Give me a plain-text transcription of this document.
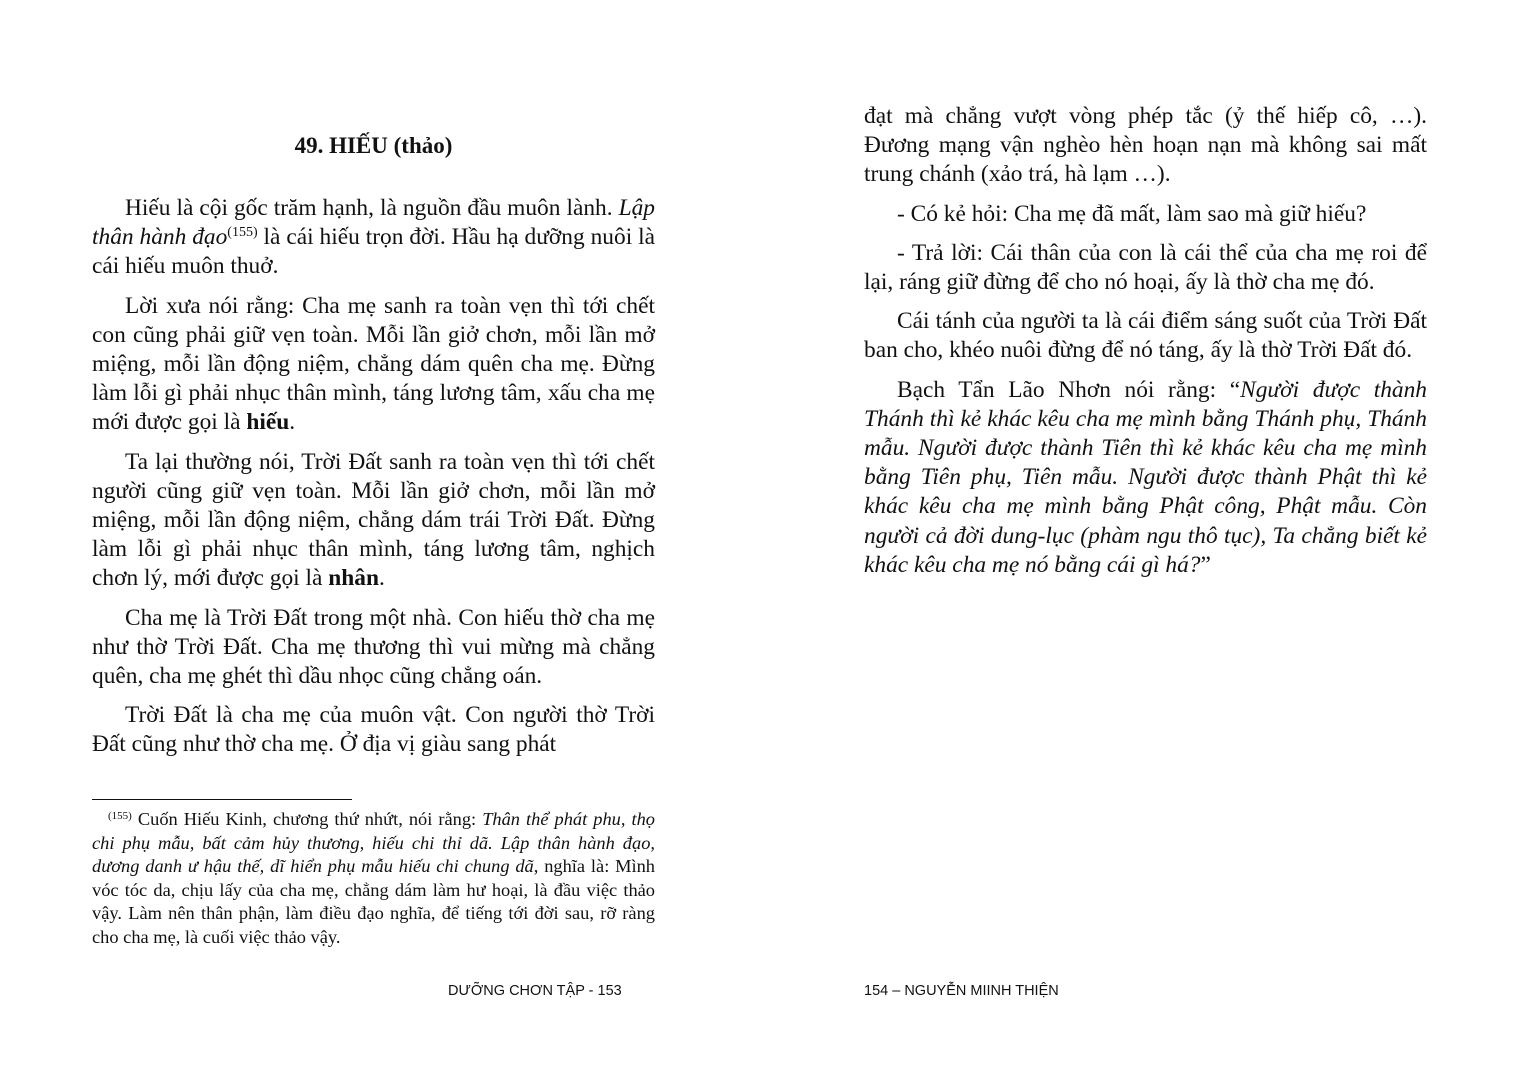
49. HIẾU (thảo)

Hiếu là cội gốc trăm hạnh, là nguồn đầu muôn lành. Lập thân hành đạo$^{(155)}$ là cái hiếu trọn đời. Hầu hạ dưỡng nuôi là cái hiếu muôn thuở.

Lời xưa nói rằng: Cha mẹ sanh ra toàn vẹn thì tới chết con cũng phải giữ vẹn toàn. Mỗi lần giở chơn, mỗi lần mở miệng, mỗi lần động niệm, chẳng dám quên cha mẹ. Đừng làm lỗi gì phải nhục thân mình, táng lương tâm, xấu cha mẹ mới được gọi là hiếu.

Ta lại thường nói, Trời Đất sanh ra toàn vẹn thì tới chết người cũng giữ vẹn toàn. Mỗi lần giở chơn, mỗi lần mở miệng, mỗi lần động niệm, chẳng dám trái Trời Đất. Đừng làm lỗi gì phải nhục thân mình, táng lương tâm, nghịch chơn lý, mới được gọi là nhân.

Cha mẹ là Trời Đất trong một nhà. Con hiếu thờ cha mẹ như thờ Trời Đất. Cha mẹ thương thì vui mừng mà chẳng quên, cha mẹ ghét thì dầu nhọc cũng chẳng oán.

Trời Đất là cha mẹ của muôn vật. Con người thờ Trời Đất cũng như thờ cha mẹ. Ở địa vị giàu sang phát

$^{(155)}$ Cuốn Hiếu Kinh, chương thứ nhứt, nói rằng: Thân thể phát phu, thọ chi phụ mẫu, bất cảm hủy thương, hiếu chi thỉ dã. Lập thân hành đạo, dương danh ư hậu thế, dĩ hiển phụ mẫu hiếu chi chung dã, nghĩa là: Mình vóc tóc da, chịu lấy của cha mẹ, chẳng dám làm hư hoại, là đầu việc thảo vậy. Làm nên thân phận, làm điều đạo nghĩa, để tiếng tới đời sau, rỡ ràng cho cha mẹ, là cuối việc thảo vậy.

DƯỠNG CHƠN TẬP - 153

đạt mà chẳng vượt vòng phép tắc (ỷ thế hiếp cô, …). Đương mạng vận nghèo hèn hoạn nạn mà không sai mất trung chánh (xảo trá, hà lạm …).

- Có kẻ hỏi: Cha mẹ đã mất, làm sao mà giữ hiếu?

- Trả lời: Cái thân của con là cái thể của cha mẹ roi để lại, ráng giữ đừng để cho nó hoại, ấy là thờ cha mẹ đó.

Cái tánh của người ta là cái điểm sáng suốt của Trời Đất ban cho, khéo nuôi đừng để nó táng, ấy là thờ Trời Đất đó.

Bạch Tẩn Lão Nhơn nói rằng: “Người được thành Thánh thì kẻ khác kêu cha mẹ mình bằng Thánh phụ, Thánh mẫu. Người được thành Tiên thì kẻ khác kêu cha mẹ mình bằng Tiên phụ, Tiên mẫu. Người được thành Phật thì kẻ khác kêu cha mẹ mình bằng Phật công, Phật mẫu. Còn người cả đời dung-lục (phàm ngu thô tục), Ta chẳng biết kẻ khác kêu cha mẹ nó bằng cái gì há?”

154 – NGUYỄN MIINH THIỆN
